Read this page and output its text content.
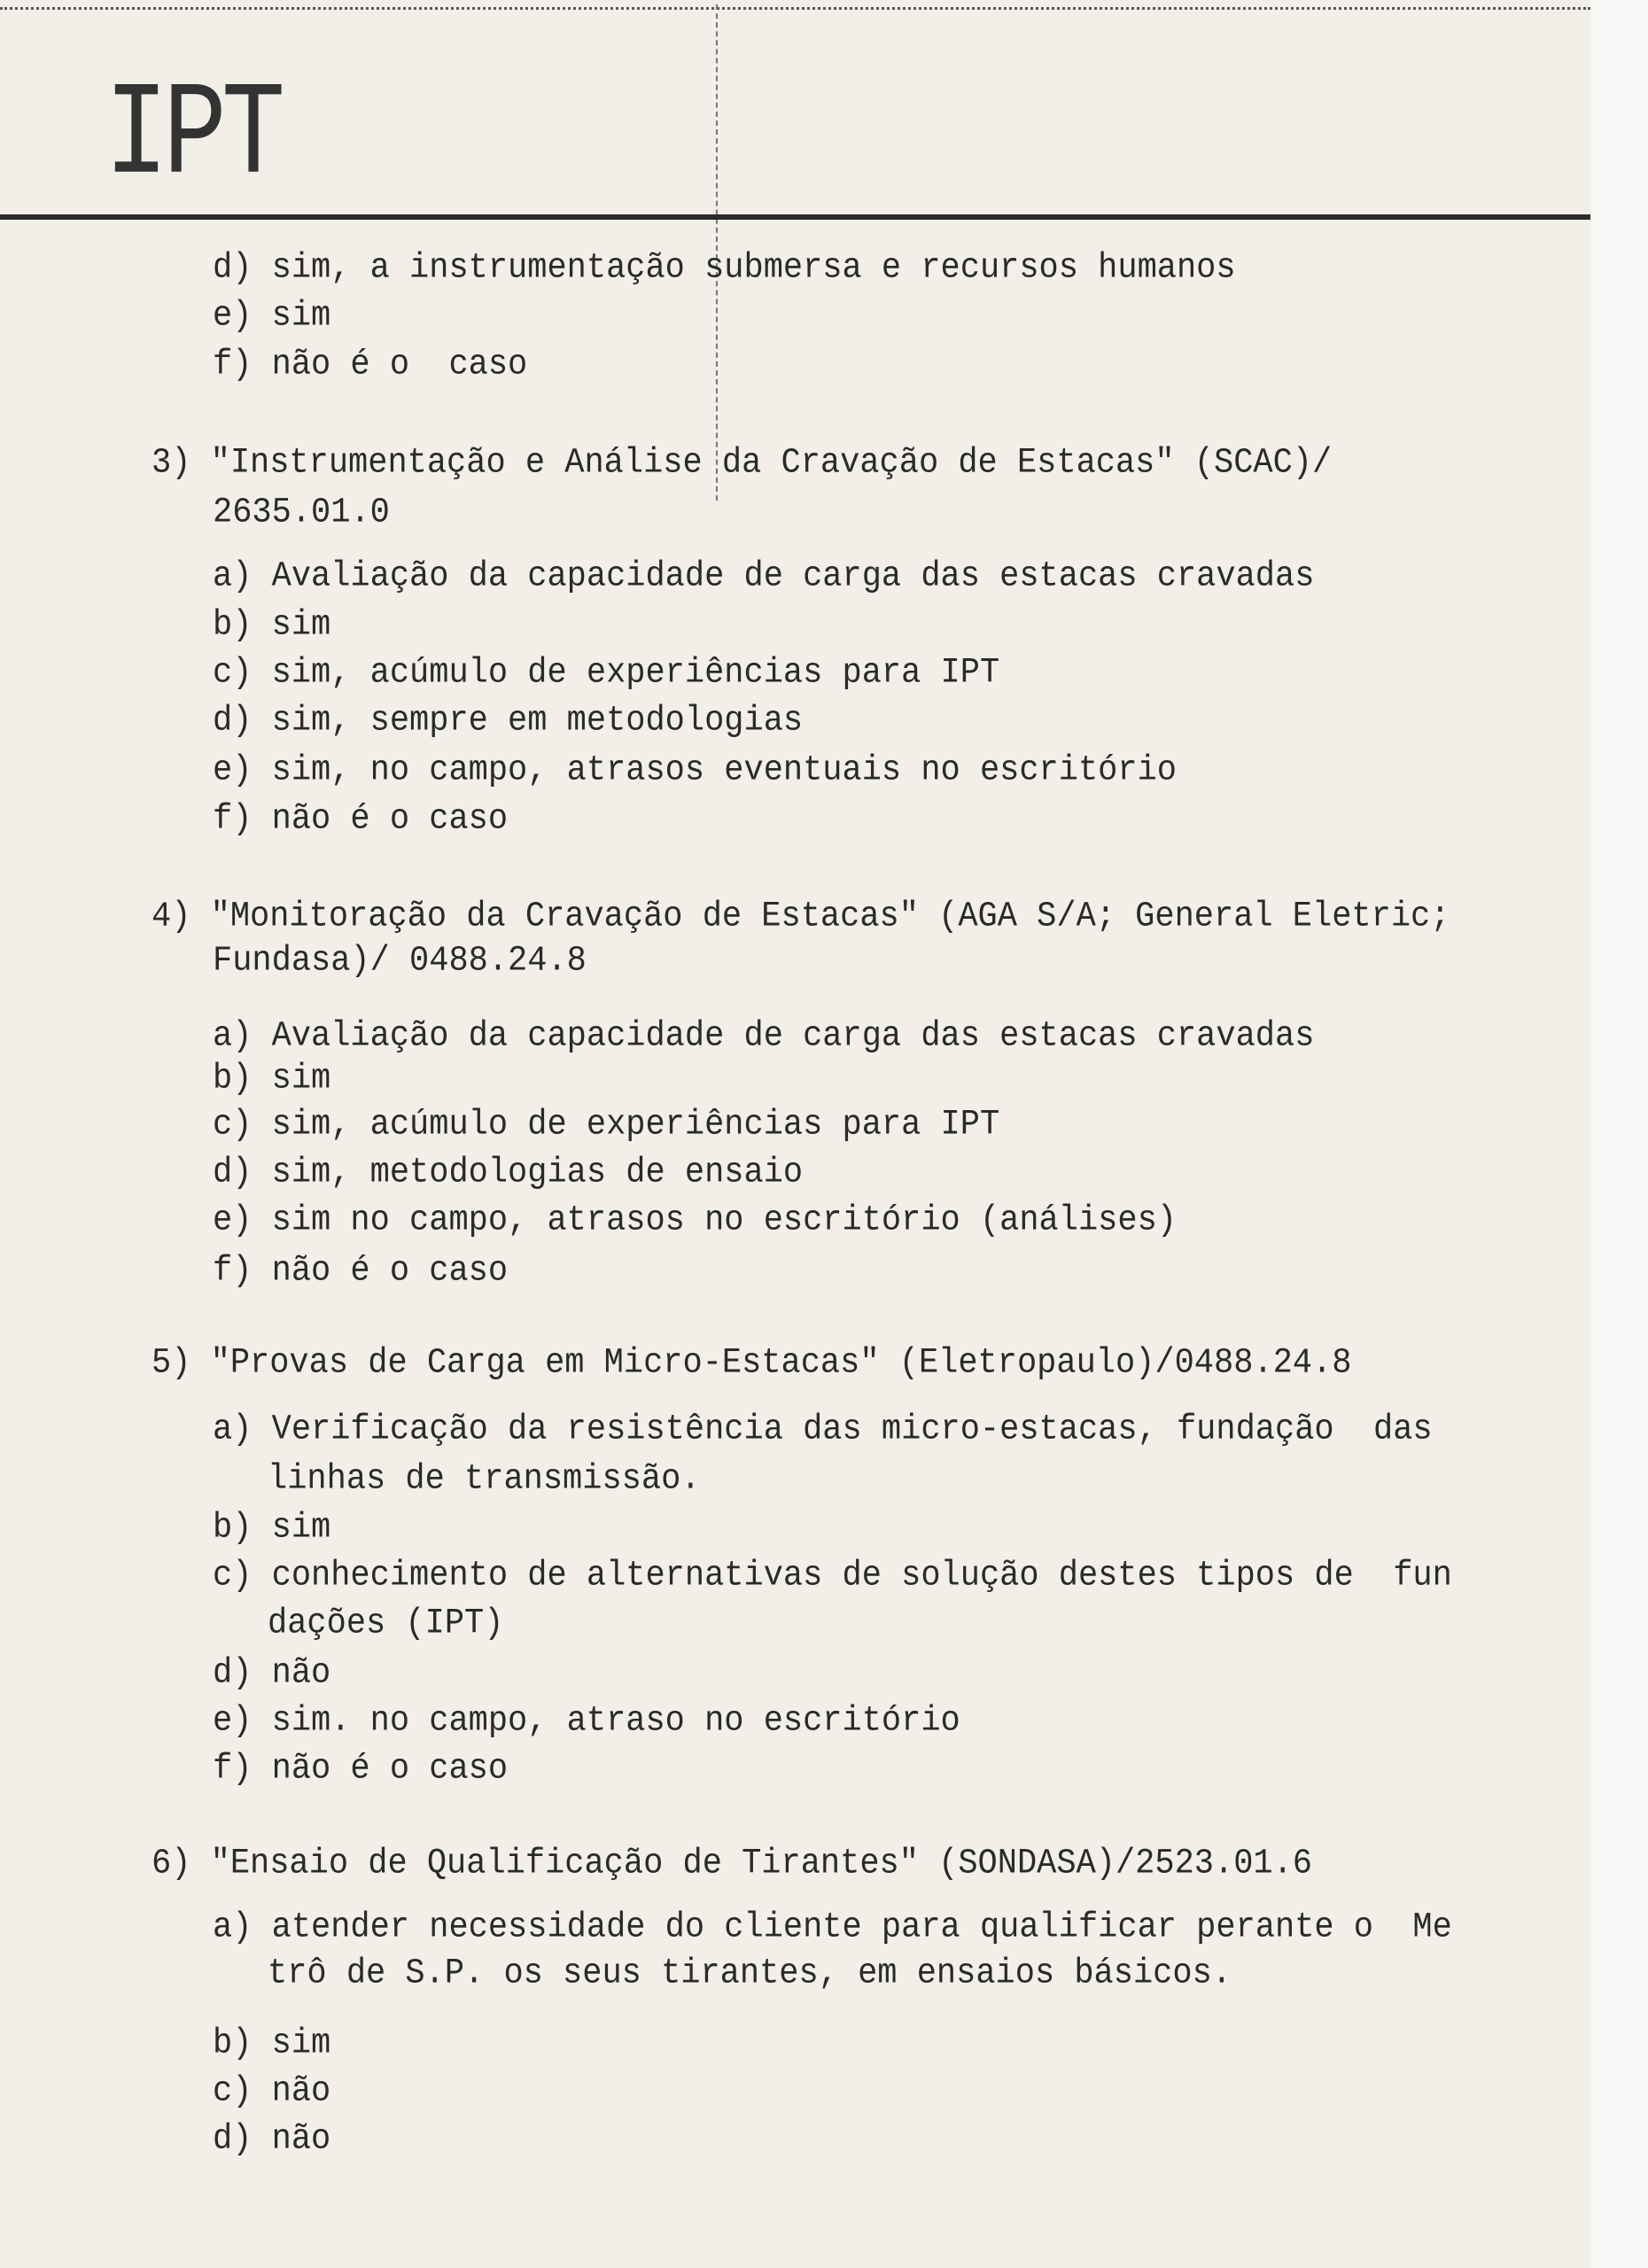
IPT
d) sim, a instrumentação submersa e recursos humanos
e) sim
f) não é o  caso
3) "Instrumentação e Análise da Cravação de Estacas" (SCAC)/
2635.01.0
a) Avaliação da capacidade de carga das estacas cravadas
b) sim
c) sim, acúmulo de experiências para IPT
d) sim, sempre em metodologias
e) sim, no campo, atrasos eventuais no escritório
f) não é o caso
4) "Monitoração da Cravação de Estacas" (AGA S/A; General Eletric;
Fundasa)/ 0488.24.8
a) Avaliação da capacidade de carga das estacas cravadas
b) sim
c) sim, acúmulo de experiências para IPT
d) sim, metodologias de ensaio
e) sim no campo, atrasos no escritório (análises)
f) não é o caso
5) "Provas de Carga em Micro-Estacas" (Eletropaulo)/0488.24.8
a) Verificação da resistência das micro-estacas, fundação  das
linhas de transmissão.
b) sim
c) conhecimento de alternativas de solução destes tipos de  fun
dações (IPT)
d) não
e) sim. no campo, atraso no escritório
f) não é o caso
6) "Ensaio de Qualificação de Tirantes" (SONDASA)/2523.01.6
a) atender necessidade do cliente para qualificar perante o  Me
trô de S.P. os seus tirantes, em ensaios básicos.
b) sim
c) não
d) não
